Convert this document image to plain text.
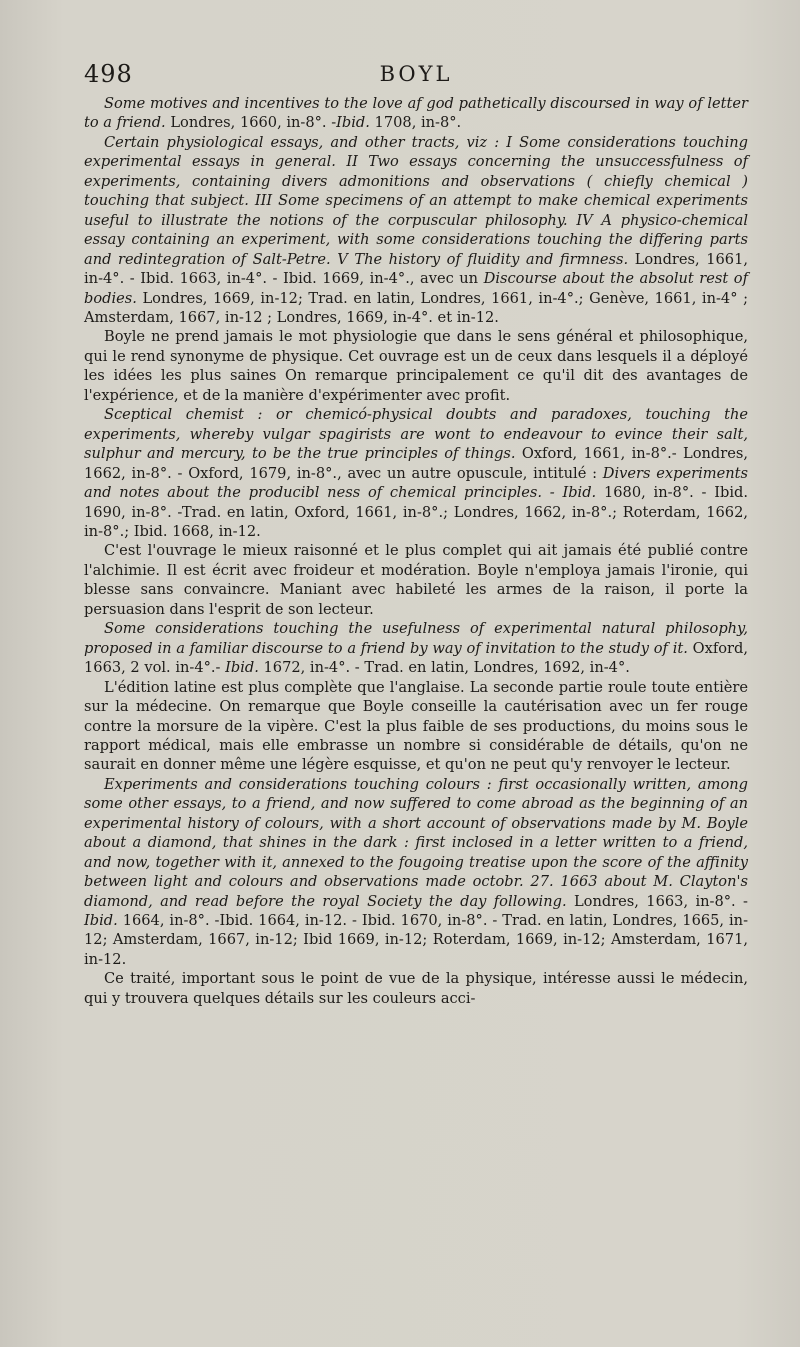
498	BOYL

Some motives and incentives to the love af god pathetically discoursed in way of letter to a friend. Londres, 1660, in-8°. -Ibid. 1708, in-8°.

Certain physiological essays, and other tracts, viz : I Some considerations touching experimental essays in general. II Two essays concerning the unsuccessfulness of experiments, containing divers admonitions and observations ( chiefly chemical ) touching that subject. III Some specimens of an attempt to make chemical experiments useful to illustrate the notions of the corpuscular philosophy. IV A physico-chemical essay containing an experiment, with some considerations touching the differing parts and redintegration of Salt-Petre. V The history of fluidity and firmness. Londres, 1661, in-4°. - Ibid. 1663, in-4°. - Ibid. 1669, in-4°., avec un Discourse about the absolut rest of bodies. Londres, 1669, in-12; Trad. en latin, Londres, 1661, in-4°.; Genève, 1661, in-4° ; Amsterdam, 1667, in-12 ; Londres, 1669, in-4°. et in-12.

Boyle ne prend jamais le mot physiologie que dans le sens général et philosophique, qui le rend synonyme de physique. Cet ouvrage est un de ceux dans lesquels il a déployé les idées les plus saines On remarque principalement ce qu'il dit des avantages de l'expérience, et de la manière d'expérimenter avec profit.

Sceptical chemist : or chemicó-physical doubts and paradoxes, touching the experiments, whereby vulgar spagirists are wont to endeavour to evince their salt, sulphur and mercury, to be the true principles of things. Oxford, 1661, in-8°.- Londres, 1662, in-8°. - Oxford, 1679, in-8°., avec un autre opuscule, intitulé : Divers experiments and notes about the producibl ness of chemical principles. - Ibid. 1680, in-8°. - Ibid. 1690, in-8°. -Trad. en latin, Oxford, 1661, in-8°.; Londres, 1662, in-8°.; Roterdam, 1662, in-8°.; Ibid. 1668, in-12.

C'est l'ouvrage le mieux raisonné et le plus complet qui ait jamais été publié contre l'alchimie. Il est écrit avec froideur et modération. Boyle n'employa jamais l'ironie, qui blesse sans convaincre. Maniant avec habileté les armes de la raison, il porte la persuasion dans l'esprit de son lecteur.

Some considerations touching the usefulness of experimental natural philosophy, proposed in a familiar discourse to a friend by way of invitation to the study of it. Oxford, 1663, 2 vol. in-4°.- Ibid. 1672, in-4°. - Trad. en latin, Londres, 1692, in-4°.

L'édition latine est plus complète que l'anglaise. La seconde partie roule toute entière sur la médecine. On remarque que Boyle conseille la cautérisation avec un fer rouge contre la morsure de la vipère. C'est la plus faible de ses productions, du moins sous le rapport médical, mais elle embrasse un nombre si considérable de détails, qu'on ne saurait en donner même une légère esquisse, et qu'on ne peut qu'y renvoyer le lecteur.

Experiments and considerations touching colours : first occasionally written, among some other essays, to a friend, and now suffered to come abroad as the beginning of an experimental history of colours, with a short account of observations made by M. Boyle about a diamond, that shines in the dark : first inclosed in a letter written to a friend, and now, together with it, annexed to the fougoing treatise upon the score of the affinity between light and colours and observations made octobr. 27. 1663 about M. Clayton's diamond, and read before the royal Society the day following. Londres, 1663, in-8°. - Ibid. 1664, in-8°. -Ibid. 1664, in-12. - Ibid. 1670, in-8°. - Trad. en latin, Londres, 1665, in-12; Amsterdam, 1667, in-12; Ibid 1669, in-12; Roterdam, 1669, in-12; Amsterdam, 1671, in-12.

Ce traité, important sous le point de vue de la physique, intéresse aussi le médecin, qui y trouvera quelques détails sur les couleurs acci-
